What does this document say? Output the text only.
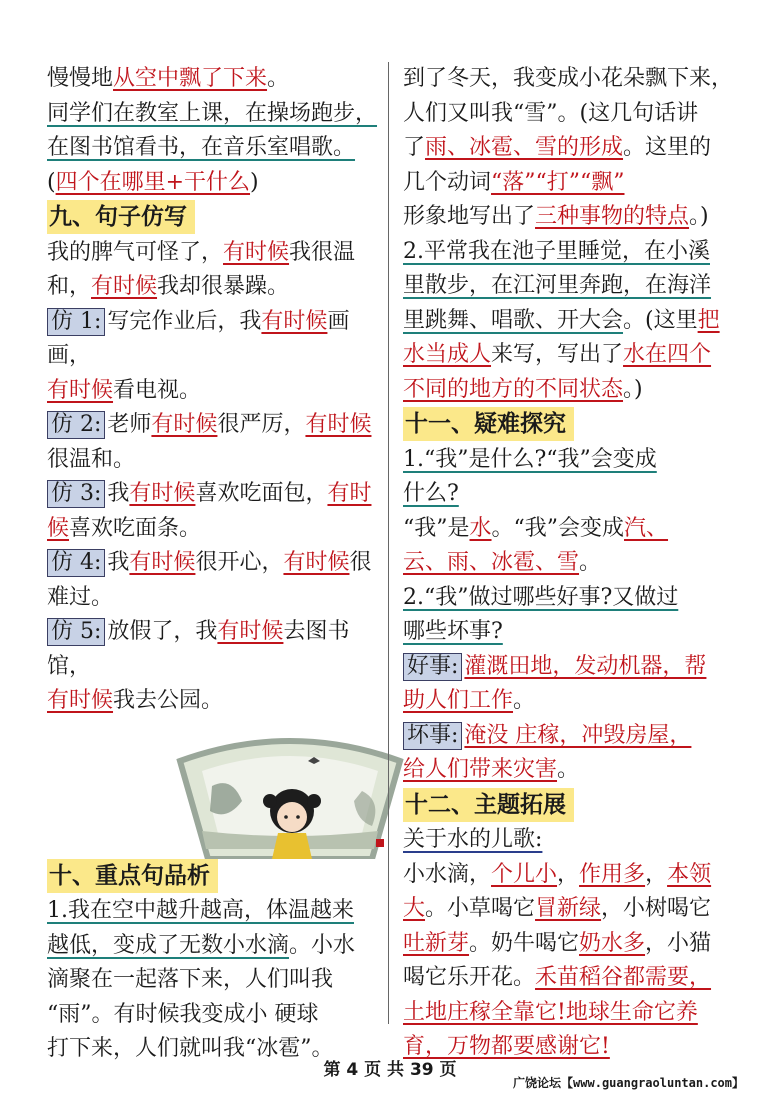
慢慢地从空中飘了下来。

同学们在教室上课，在操场跑步，

在图书馆看书，在音乐室唱歌。

(四个在哪里+干什么)

九、句子仿写

我的脾气可怪了，有时候我很温

和，有时候我却很暴躁。

仿 1: 写完作业后，我有时候画画，

有时候看电视。

仿 2: 老师有时候很严厉，有时候

很温和。

仿 3: 我有时候喜欢吃面包，有时

候喜欢吃面条。

仿 4: 我有时候很开心，有时候很

难过。

仿 5: 放假了，我有时候去图书馆，

有时候我去公园。

十、重点句品析

1.我在空中越升越高，体温越来

越低，变成了无数小水滴。小水

滴聚在一起落下来，人们叫我

“雨”。有时候我变成小 硬球

打下来，人们就叫我“冰雹”。

到了冬天，我变成小花朵飘下来，

人们又叫我“雪”。(这几句话讲

了雨、冰雹、雪的形成。这里的

几个动词“落”“打”“飘”

形象地写出了三种事物的特点。)

2.平常我在池子里睡觉，在小溪

里散步，在江河里奔跑，在海洋

里跳舞、唱歌、开大会。(这里把

水当成人来写，写出了水在四个

不同的地方的不同状态。)

十一、疑难探究

1.“我”是什么?“我”会变成

什么?

“我”是水。“我”会变成汽、

云、雨、冰雹、雪。

2.“我”做过哪些好事?又做过

哪些坏事?

好事: 灌溉田地，发动机器，帮

助人们工作。

坏事: 淹没 庄稼，冲毁房屋，

给人们带来灾害。

十二、主题拓展

关于水的儿歌:

小水滴，个儿小，作用多，本领

大。小草喝它冒新绿，小树喝它

吐新芽。奶牛喝它奶水多，小猫

喝它乐开花。禾苗稻谷都需要，

土地庄稼全靠它!地球生命它养

育，万物都要感谢它!

第 4 页 共 39 页
广饶论坛【www.guangraoluntan.com】
